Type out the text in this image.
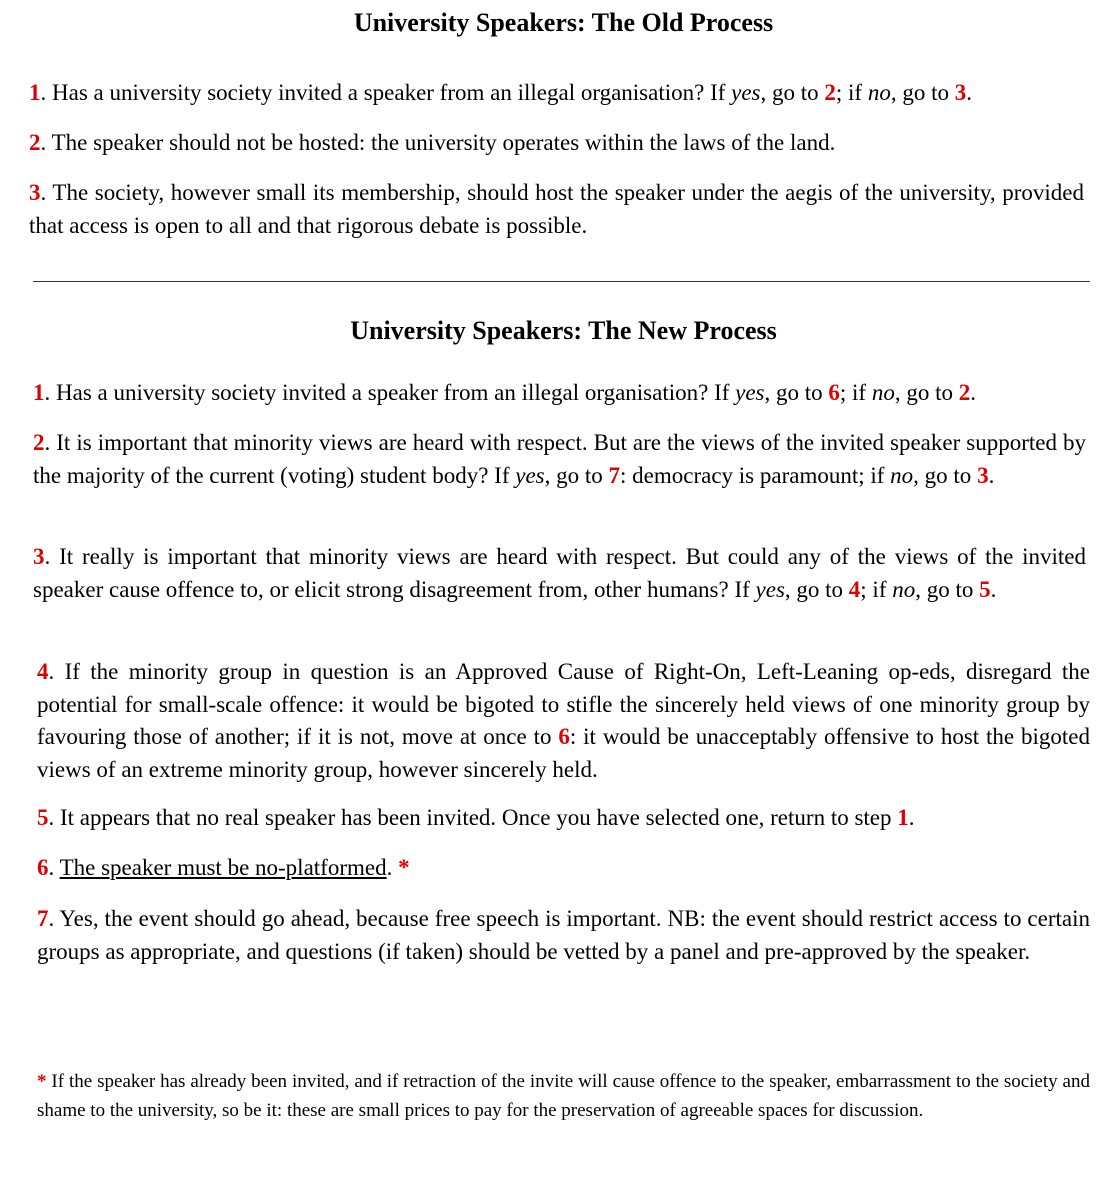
University Speakers: The Old Process

1. Has a university society invited a speaker from an illegal organisation? If yes, go to 2; if no, go to 3.

2. The speaker should not be hosted: the university operates within the laws of the land.

3. The society, however small its membership, should host the speaker under the aegis of the university, provided that access is open to all and that rigorous debate is possible.

University Speakers: The New Process

1. Has a university society invited a speaker from an illegal organisation? If yes, go to 6; if no, go to 2.

2. It is important that minority views are heard with respect. But are the views of the invited speaker supported by the majority of the current (voting) student body? If yes, go to 7: democracy is paramount; if no, go to 3.

3. It really is important that minority views are heard with respect. But could any of the views of the invited speaker cause offence to, or elicit strong disagreement from, other humans? If yes, go to 4; if no, go to 5.

4. If the minority group in question is an Approved Cause of Right-On, Left-Leaning op-eds, disregard the potential for small-scale offence: it would be bigoted to stifle the sincerely held views of one minority group by favouring those of another; if it is not, move at once to 6: it would be unacceptably offensive to host the bigoted views of an extreme minority group, however sincerely held.

5. It appears that no real speaker has been invited. Once you have selected one, return to step 1.

6. The speaker must be no-platformed. *

7. Yes, the event should go ahead, because free speech is important. NB: the event should restrict access to certain groups as appropriate, and questions (if taken) should be vetted by a panel and pre-approved by the speaker.

* If the speaker has already been invited, and if retraction of the invite will cause offence to the speaker, embarrassment to the society and shame to the university, so be it: these are small prices to pay for the preservation of agreeable spaces for discussion.
